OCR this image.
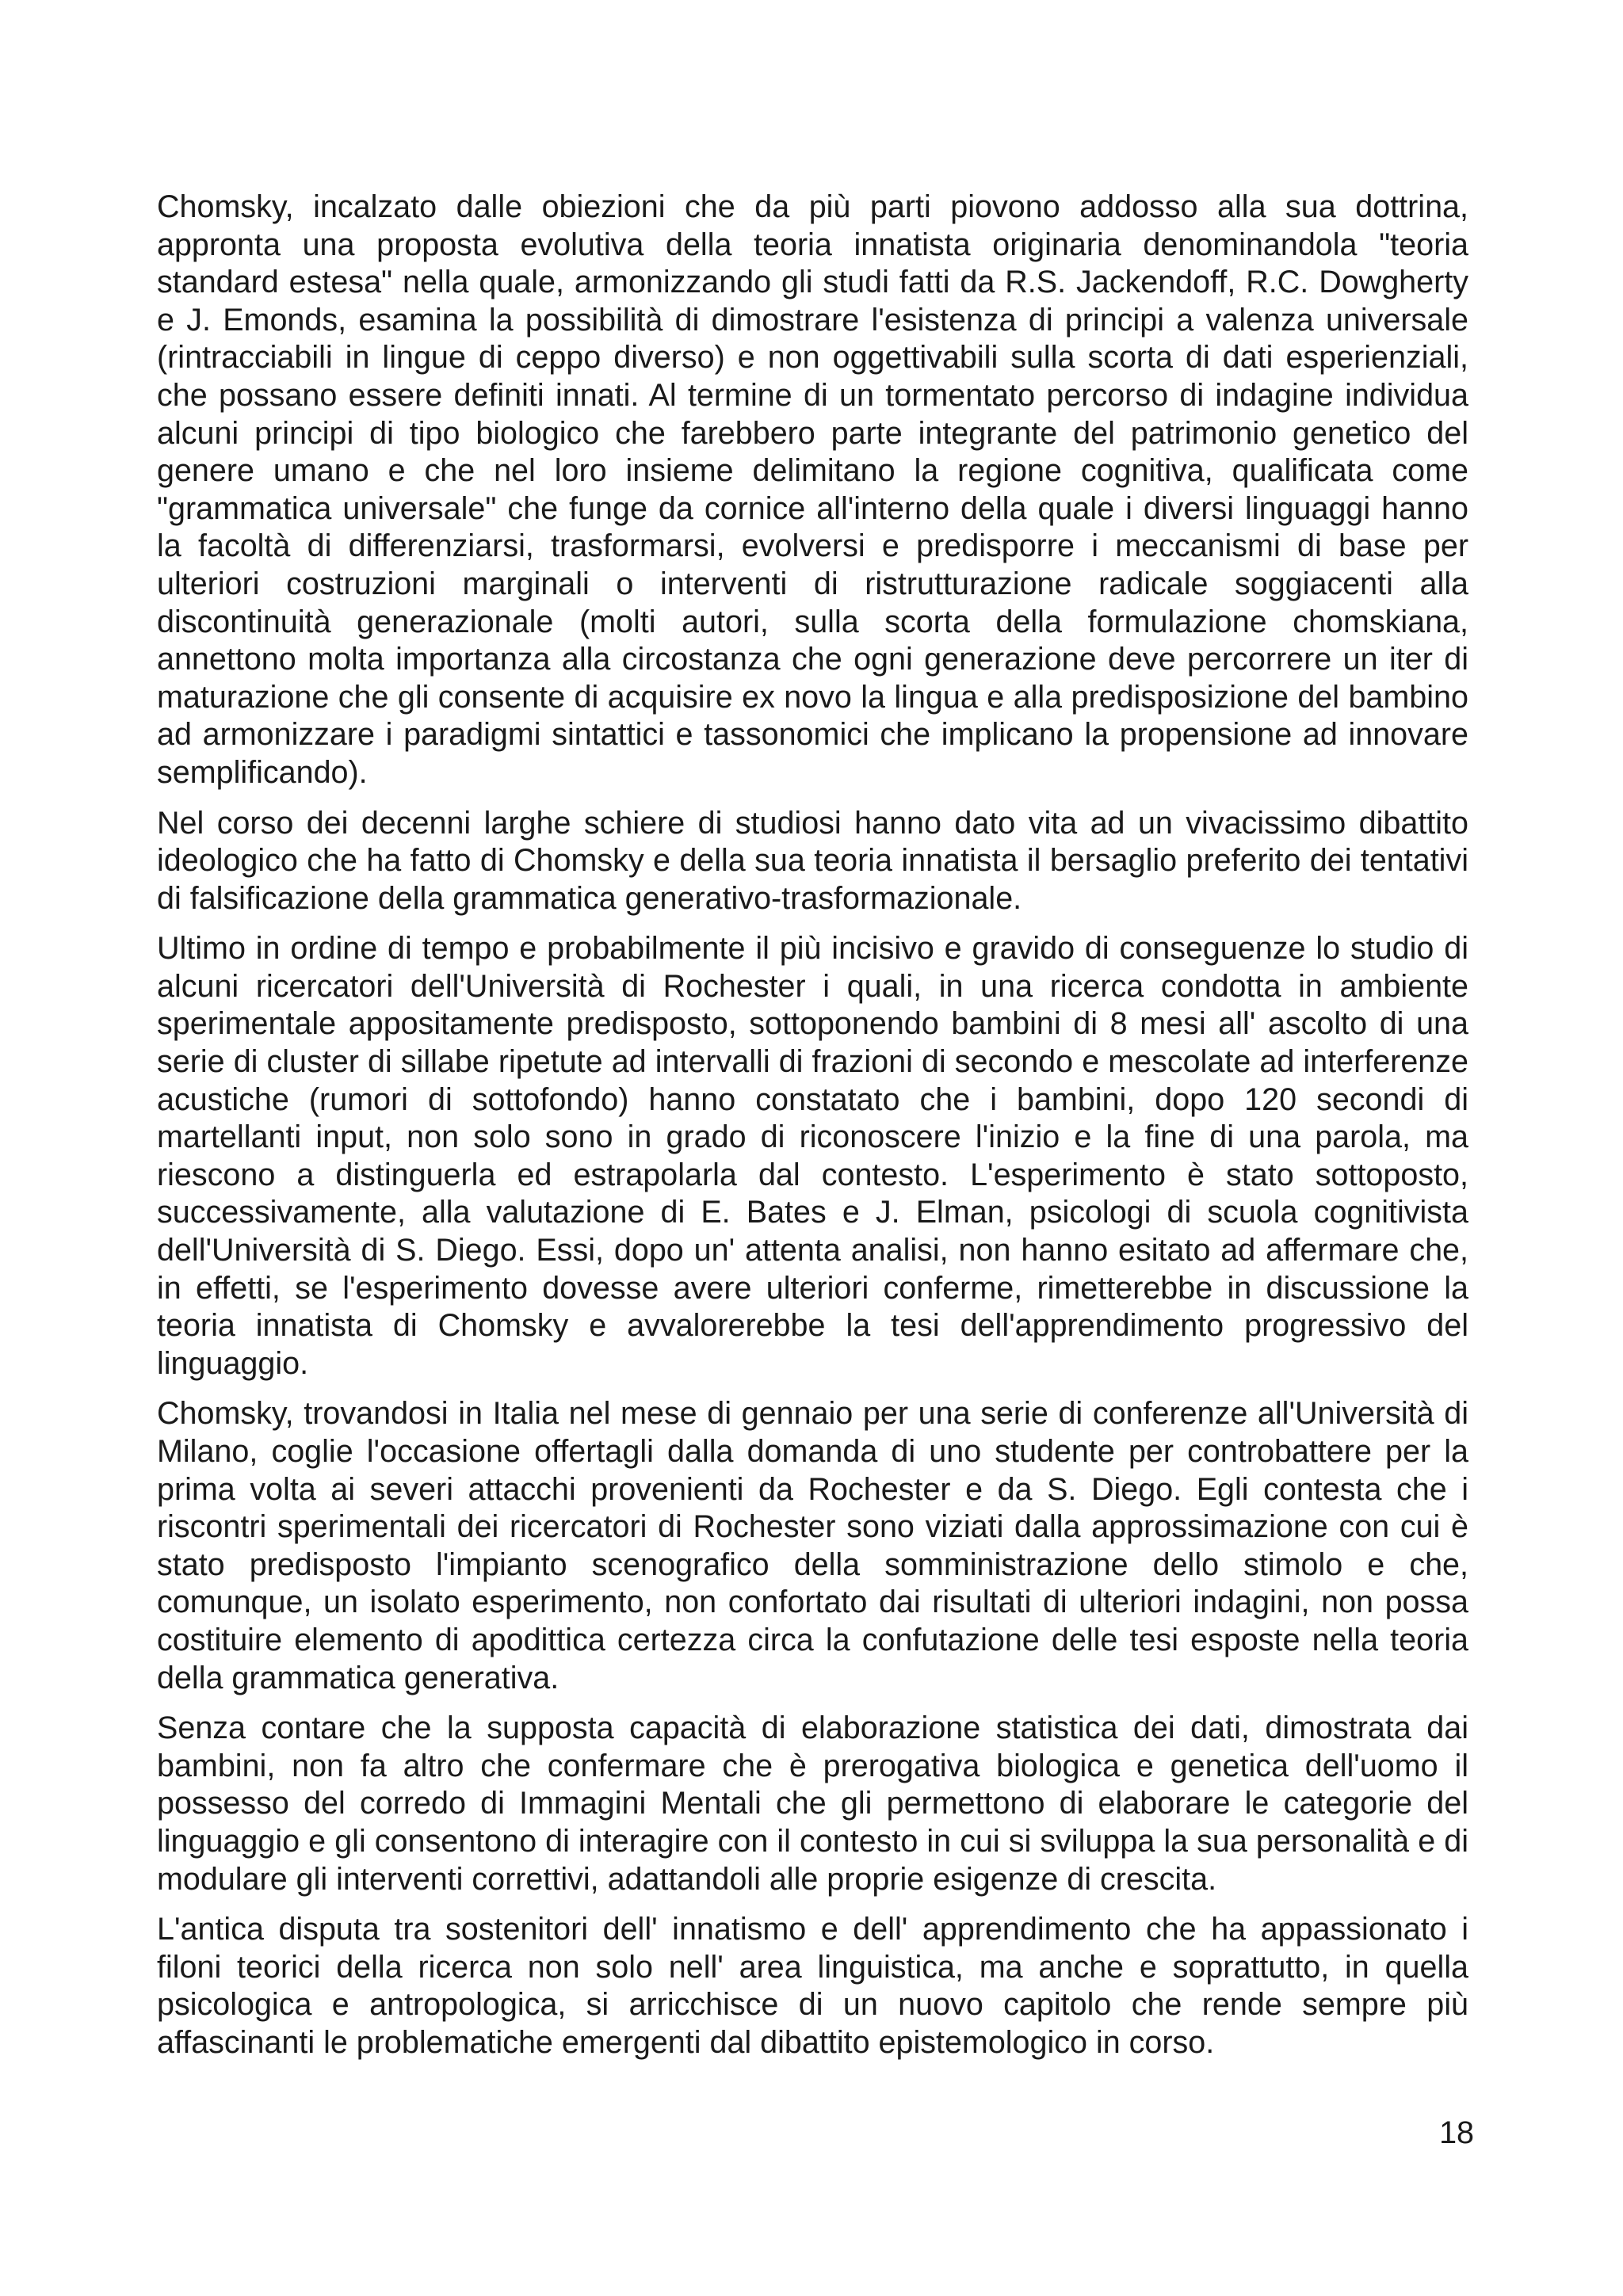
Chomsky, incalzato dalle obiezioni che da più parti piovono addosso alla sua dottrina, appronta una proposta evolutiva della teoria innatista originaria denominandola "teoria standard estesa" nella quale, armonizzando gli studi fatti da R.S. Jackendoff, R.C. Dowgherty e J. Emonds, esamina la possibilità di dimostrare l'esistenza di principi a valenza universale (rintracciabili in lingue di ceppo diverso) e non oggettivabili sulla scorta di dati esperienziali, che possano essere definiti innati. Al termine di un tormentato percorso di indagine individua alcuni principi di tipo biologico che farebbero parte integrante del patrimonio genetico del genere umano e che nel loro insieme delimitano la regione cognitiva, qualificata come "grammatica universale" che funge da cornice all'interno della quale i diversi linguaggi hanno la facoltà di differenziarsi, trasformarsi, evolversi e predisporre i meccanismi di base per ulteriori costruzioni marginali o interventi di ristrutturazione radicale soggiacenti alla discontinuità generazionale (molti autori, sulla scorta della formulazione chomskiana, annettono molta importanza alla circostanza che ogni generazione deve percorrere un iter di maturazione che gli consente di acquisire ex novo la lingua e alla predisposizione del bambino ad armonizzare i paradigmi sintattici e tassonomici che implicano la propensione ad innovare semplificando).

Nel corso dei decenni larghe schiere di studiosi hanno dato vita ad un vivacissimo dibattito ideologico che ha fatto di Chomsky e della sua teoria innatista il bersaglio preferito dei tentativi di falsificazione della grammatica generativo-trasformazionale.

Ultimo in ordine di tempo e probabilmente il più incisivo e gravido di conseguenze lo studio di alcuni ricercatori dell'Università di Rochester i quali, in una ricerca condotta in ambiente sperimentale appositamente predisposto, sottoponendo bambini di 8 mesi all' ascolto di una serie di cluster di sillabe ripetute ad intervalli di frazioni di secondo e mescolate ad interferenze acustiche (rumori di sottofondo) hanno constatato che i bambini, dopo 120 secondi di martellanti input, non solo sono in grado di riconoscere l'inizio e la fine di una parola, ma riescono a distinguerla ed estrapolarla dal contesto. L'esperimento è stato sottoposto, successivamente, alla valutazione di E. Bates e J. Elman, psicologi di scuola cognitivista dell'Università di S. Diego. Essi, dopo un' attenta analisi, non hanno esitato ad affermare che, in effetti, se l'esperimento dovesse avere ulteriori conferme, rimetterebbe in discussione la teoria innatista di Chomsky e avvalorerebbe la tesi dell'apprendimento progressivo del linguaggio.

Chomsky, trovandosi in Italia nel mese di gennaio per una serie di conferenze all'Università di Milano, coglie l'occasione offertagli dalla domanda di uno studente per controbattere per la prima volta ai severi attacchi provenienti da Rochester e da S. Diego. Egli contesta che i riscontri sperimentali dei ricercatori di Rochester sono viziati dalla approssimazione con cui è stato predisposto l'impianto scenografico della somministrazione dello stimolo e che, comunque, un isolato esperimento, non confortato dai risultati di ulteriori indagini, non possa costituire elemento di apodittica certezza circa la confutazione delle tesi esposte nella teoria della grammatica generativa.

Senza contare che la supposta capacità di elaborazione statistica dei dati, dimostrata dai bambini, non fa altro che confermare che è prerogativa biologica e genetica dell'uomo il possesso del corredo di Immagini Mentali che gli permettono di elaborare le categorie del linguaggio e gli consentono di interagire con il contesto in cui si sviluppa la sua personalità e di modulare gli interventi correttivi, adattandoli alle proprie esigenze di crescita.

L'antica disputa tra sostenitori dell' innatismo e dell' apprendimento che ha appassionato i filoni teorici della ricerca non solo nell' area linguistica, ma anche e soprattutto, in quella psicologica e antropologica, si arricchisce di un nuovo capitolo che rende sempre più affascinanti le problematiche emergenti dal dibattito epistemologico in corso.

18
